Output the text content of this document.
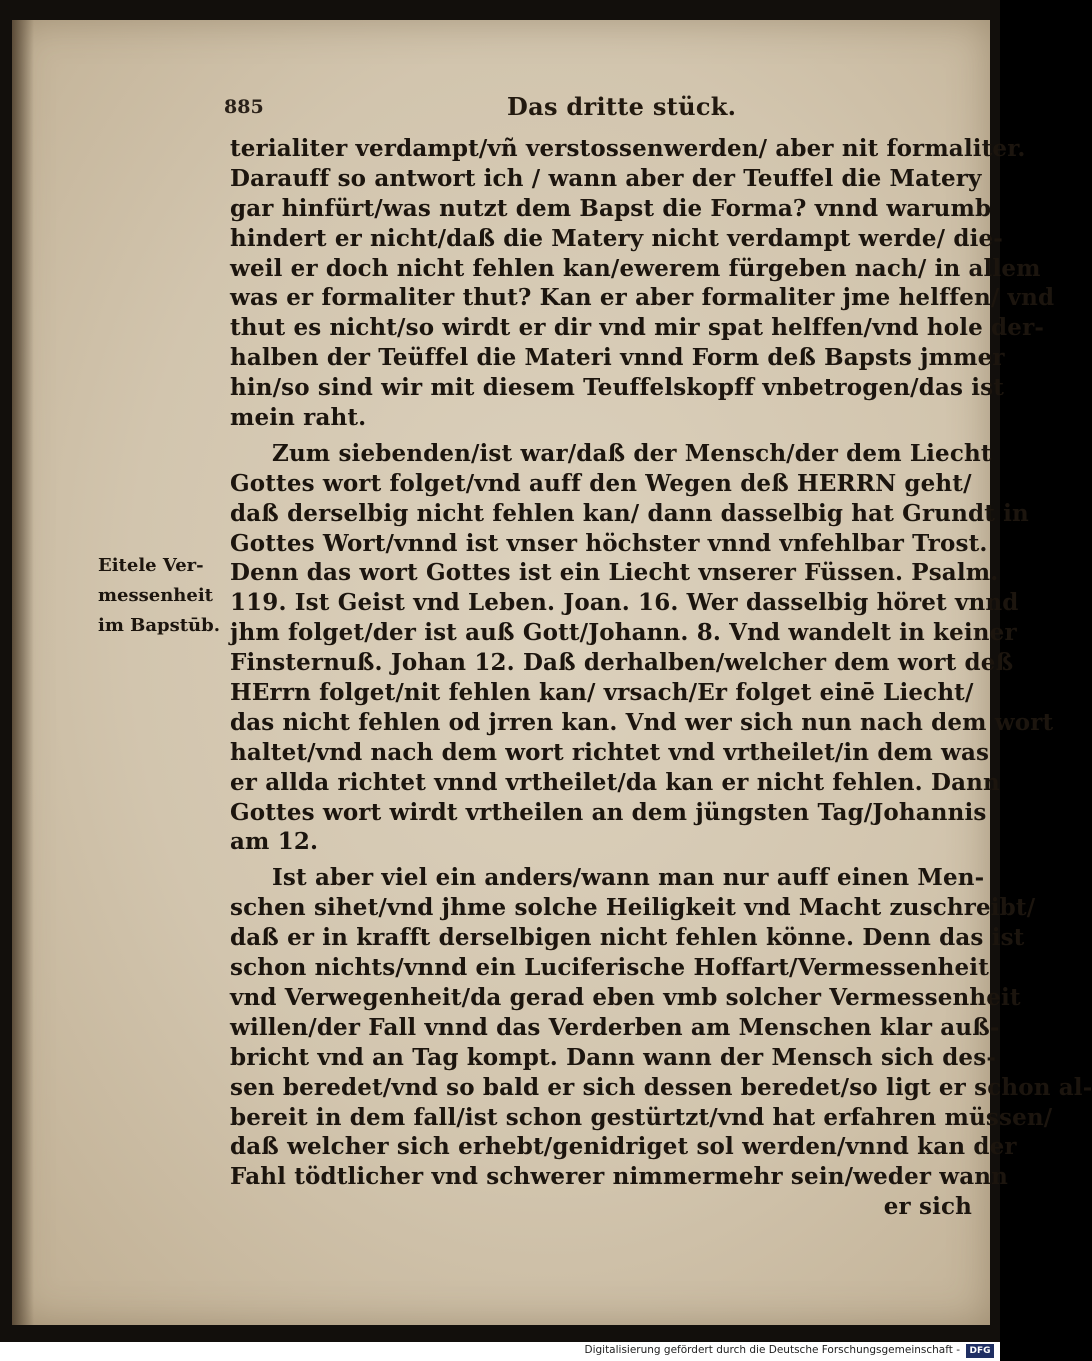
885	Das dritte stück.
Eitele Ver-
messenheit
im Bapstūb.
terialiter verdampt/vñ verstossenwerden/ aber nit formaliter.
Darauff so antwort ich / wann aber der Teuffel die Matery
gar hinfürt/was nutzt dem Bapst die Forma? vnnd warumb
hindert er nicht/daß die Matery nicht verdampt werde/ die-
weil er doch nicht fehlen kan/ewerem fürgeben nach/ in allem
was er formaliter thut? Kan er aber formaliter jme helffen/ vnd
thut es nicht/so wirdt er dir vnd mir spat helffen/vnd hole der-
halben der Teüffel die Materi vnnd Form deß Bapsts jmmer
hin/so sind wir mit diesem Teuffelskopff vnbetrogen/das ist
mein raht.
Zum siebenden/ist war/daß der Mensch/der dem Liecht
Gottes wort folget/vnd auff den Wegen deß HERRN geht/
daß derselbig nicht fehlen kan/ dann dasselbig hat Grundt in
Gottes Wort/vnnd ist vnser höchster vnnd vnfehlbar Trost.
Denn das wort Gottes ist ein Liecht vnserer Füssen. Psalm.
119. Ist Geist vnd Leben. Joan. 16. Wer dasselbig höret vnnd
jhm folget/der ist auß Gott/Johann. 8. Vnd wandelt in keiner
Finsternuß. Johan 12. Daß derhalben/welcher dem wort deß
HErrn folget/nit fehlen kan/ vrsach/Er folget einē Liecht/
das nicht fehlen od jrren kan. Vnd wer sich nun nach dem wort
haltet/vnd nach dem wort richtet vnd vrtheilet/in dem was
er allda richtet vnnd vrtheilet/da kan er nicht fehlen. Dann
Gottes wort wirdt vrtheilen an dem jüngsten Tag/Johannis
am 12.
Ist aber viel ein anders/wann man nur auff einen Men-
schen sihet/vnd jhme solche Heiligkeit vnd Macht zuschreibt/
daß er in krafft derselbigen nicht fehlen könne. Denn das ist
schon nichts/vnnd ein Luciferische Hoffart/Vermessenheit
vnd Verwegenheit/da gerad eben vmb solcher Vermessenheit
willen/der Fall vnnd das Verderben am Menschen klar auß-
bricht vnd an Tag kompt. Dann wann der Mensch sich des-
sen beredet/vnd so bald er sich dessen beredet/so ligt er schon al-
bereit in dem fall/ist schon gestürtzt/vnd hat erfahren müssen/
daß welcher sich erhebt/genidriget sol werden/vnnd kan der
Fahl tödtlicher vnd schwerer nimmermehr sein/weder wann
er sich
Digitalisierung gefördert durch die Deutsche Forschungsgemeinschaft -	DFG
